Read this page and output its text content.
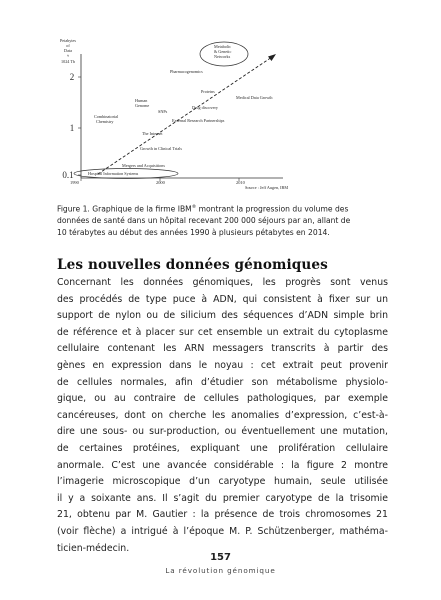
Petabytes
of
Data
≈
1024 Tb
2
1
0.1
1990	2000	2010
Mergers and Acquisitions
Hospital Information Systems
Combinatorial
Chemistry
Human
Genome
SNPs
Pharmacogenomics
Proteins
Metabolic
& Genetic
Networks
Medical Data Growth
Drug discovery
External Research Partnerships
The Internet
Growth in Clinical Trials
Source : Jeff Augen, IBM
Figure 1. Graphique de la firme IBM® montrant la progression du volume des
données de santé dans un hôpital recevant 200 000 séjours par an, allant de
10 térabytes au début des années 1990 à plusieurs pétabytes en 2014.
Les nouvelles données génomiques
Concernant les données génomiques, les progrès sont venus
des procédés de type puce à ADN, qui consistent à fixer sur un
support de nylon ou de silicium des séquences d’ADN simple brin
de référence et à placer sur cet ensemble un extrait du cytoplasme
cellulaire contenant les ARN messagers transcrits à partir des
gènes en expression dans le noyau : cet extrait peut provenir
de cellules normales, afin d’étudier son métabolisme physiolo-
gique, ou au contraire de cellules pathologiques, par exemple
cancéreuses, dont on cherche les anomalies d’expression, c’est-à-
dire une sous- ou sur-production, ou éventuellement une mutation,
de certaines protéines, expliquant une prolifération cellulaire
anormale. C’est une avancée considérable : la figure 2 montre
l’imagerie microscopique d’un caryotype humain, seule utilisée
il y a soixante ans. Il s’agit du premier caryotype de la trisomie
21, obtenu par M. Gautier : la présence de trois chromosomes 21
(voir flèche) a intrigué à l’époque M. P. Schützenberger, mathéma-
ticien-médecin.
157
La révolution génomique
